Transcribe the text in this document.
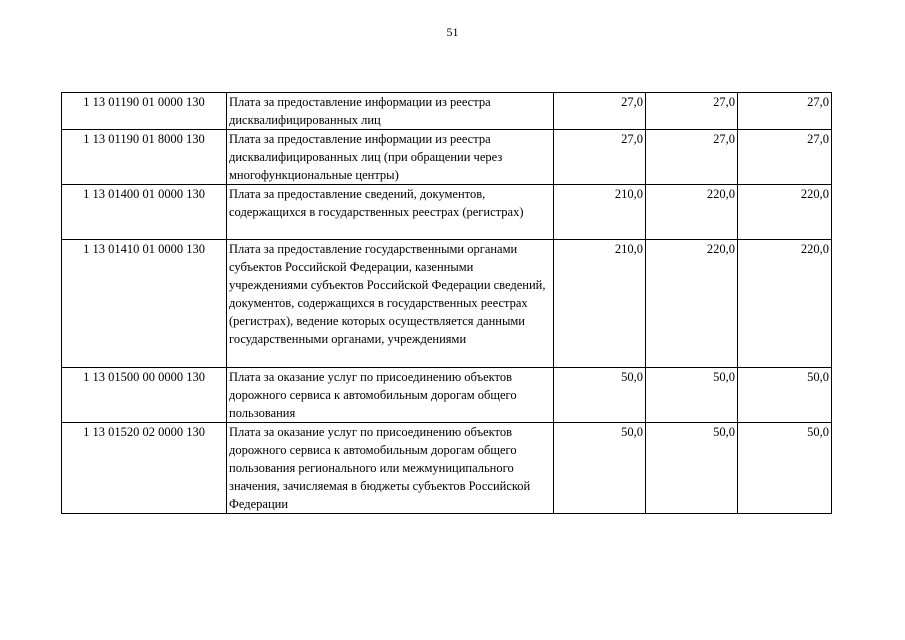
51
1 13 01190 01 0000 130	Плата за предоставление информации из реестра дисквалифицированных лиц	27,0	27,0	27,0
1 13 01190 01 8000 130	Плата за предоставление информации из реестра дисквалифицированных лиц (при обращении через многофункциональные центры)	27,0	27,0	27,0
1 13 01400 01 0000 130	Плата за предоставление сведений, документов, содержащихся в государственных реестрах (регистрах)	210,0	220,0	220,0
1 13 01410 01 0000 130	Плата за предоставление государственными органами субъектов Российской Федерации, казенными учреждениями субъектов Российской Федерации сведений, документов, содержащихся в государственных реестрах (регистрах), ведение которых осуществляется данными государственными органами, учреждениями	210,0	220,0	220,0
1 13 01500 00 0000 130	Плата за оказание услуг по присоединению объектов дорожного сервиса к автомобильным дорогам общего пользования	50,0	50,0	50,0
1 13 01520 02 0000 130	Плата за оказание услуг по присоединению объектов дорожного сервиса к автомобильным дорогам общего пользования регионального или межмуниципального значения, зачисляемая в бюджеты субъектов Российской Федерации	50,0	50,0	50,0
